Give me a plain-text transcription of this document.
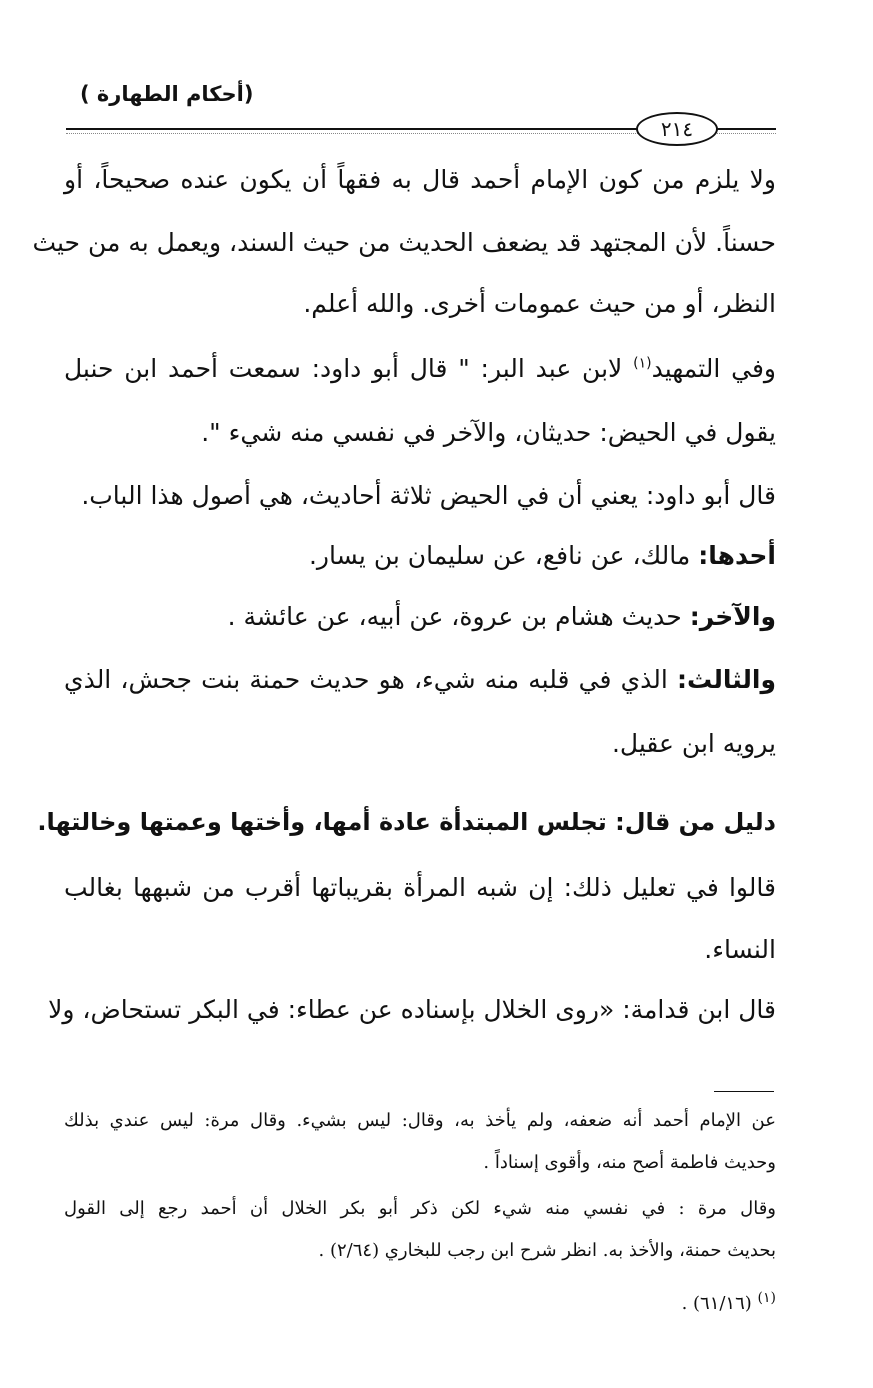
(أحكام الطهارة )
٢١٤
ولا يلزم من كون الإمام أحمد قال به فقهاً أن يكون عنده صحيحاً، أو
حسناً. لأن المجتهد قد يضعف الحديث من حيث السند، ويعمل به من حيث
النظر، أو من حيث عمومات أخرى. والله أعلم.
وفي التمهيد$^{(١)}$ لابن عبد البر: " قال أبو داود: سمعت أحمد ابن حنبل
يقول في الحيض: حديثان، والآخر في نفسي منه شيء ".
قال أبو داود: يعني أن في الحيض ثلاثة أحاديث، هي أصول هذا الباب.
أحدها: مالك، عن نافع، عن سليمان بن يسار.
والآخر: حديث هشام بن عروة، عن أبيه، عن عائشة .
والثالث: الذي في قلبه منه شيء، هو حديث حمنة بنت جحش، الذي
يرويه ابن عقيل.
دليل من قال: تجلس المبتدأة عادة أمها، وأختها وعمتها وخالتها.
قالوا في تعليل ذلك: إن شبه المرأة بقريباتها أقرب من شبهها بغالب
النساء.
قال ابن قدامة: «روى الخلال بإسناده عن عطاء: في البكر تستحاض، ولا
عن الإمام أحمد أنه ضعفه، ولم يأخذ به، وقال: ليس بشيء. وقال مرة: ليس عندي بذلك
وحديث فاطمة أصح منه، وأقوى إسناداً .
وقال مرة : في نفسي منه شيء لكن ذكر أبو بكر الخلال أن أحمد رجع إلى القول
بحديث حمنة، والأخذ به. انظر شرح ابن رجب للبخاري (٢/٦٤) .
$^{(١)}$ (٦١/١٦) .
